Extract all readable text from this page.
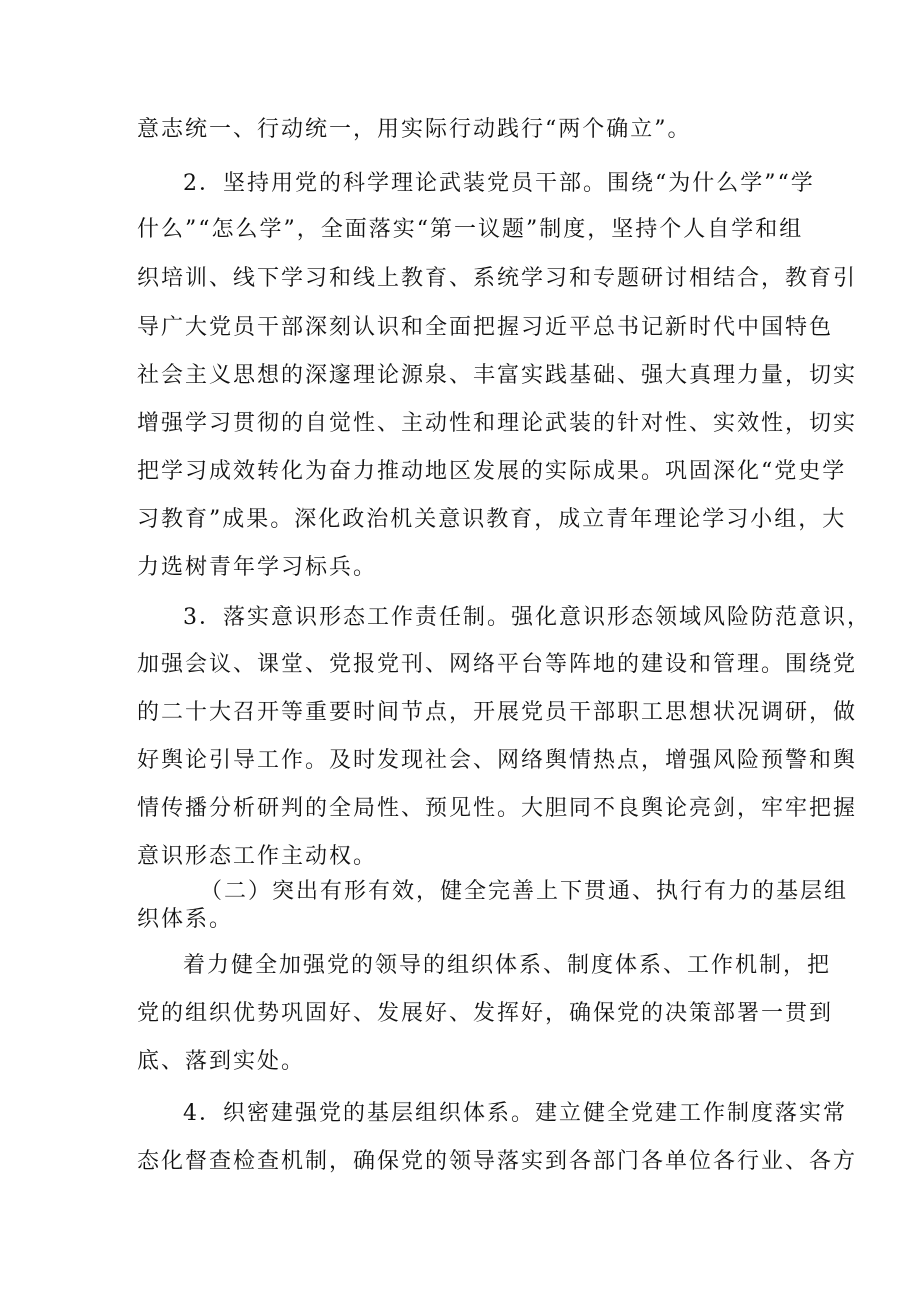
意志统一、行动统一，用实际行动践行“两个确立”。
2．坚持用党的科学理论武装党员干部。围绕“为什么学”“学
什么”“怎么学”，全面落实“第一议题”制度，坚持个人自学和组
织培训、线下学习和线上教育、系统学习和专题研讨相结合，教育引
导广大党员干部深刻认识和全面把握习近平总书记新时代中国特色
社会主义思想的深邃理论源泉、丰富实践基础、强大真理力量，切实
增强学习贯彻的自觉性、主动性和理论武装的针对性、实效性，切实
把学习成效转化为奋力推动地区发展的实际成果。巩固深化“党史学
习教育”成果。深化政治机关意识教育，成立青年理论学习小组，大
力选树青年学习标兵。
3．落实意识形态工作责任制。强化意识形态领域风险防范意识，
加强会议、课堂、党报党刊、网络平台等阵地的建设和管理。围绕党
的二十大召开等重要时间节点，开展党员干部职工思想状况调研，做
好舆论引导工作。及时发现社会、网络舆情热点，增强风险预警和舆
情传播分析研判的全局性、预见性。大胆同不良舆论亮剑，牢牢把握
意识形态工作主动权。
（二）突出有形有效，健全完善上下贯通、执行有力的基层组
织体系。
着力健全加强党的领导的组织体系、制度体系、工作机制，把
党的组织优势巩固好、发展好、发挥好，确保党的决策部署一贯到
底、落到实处。
4．织密建强党的基层组织体系。建立健全党建工作制度落实常
态化督查检查机制，确保党的领导落实到各部门各单位各行业、各方
